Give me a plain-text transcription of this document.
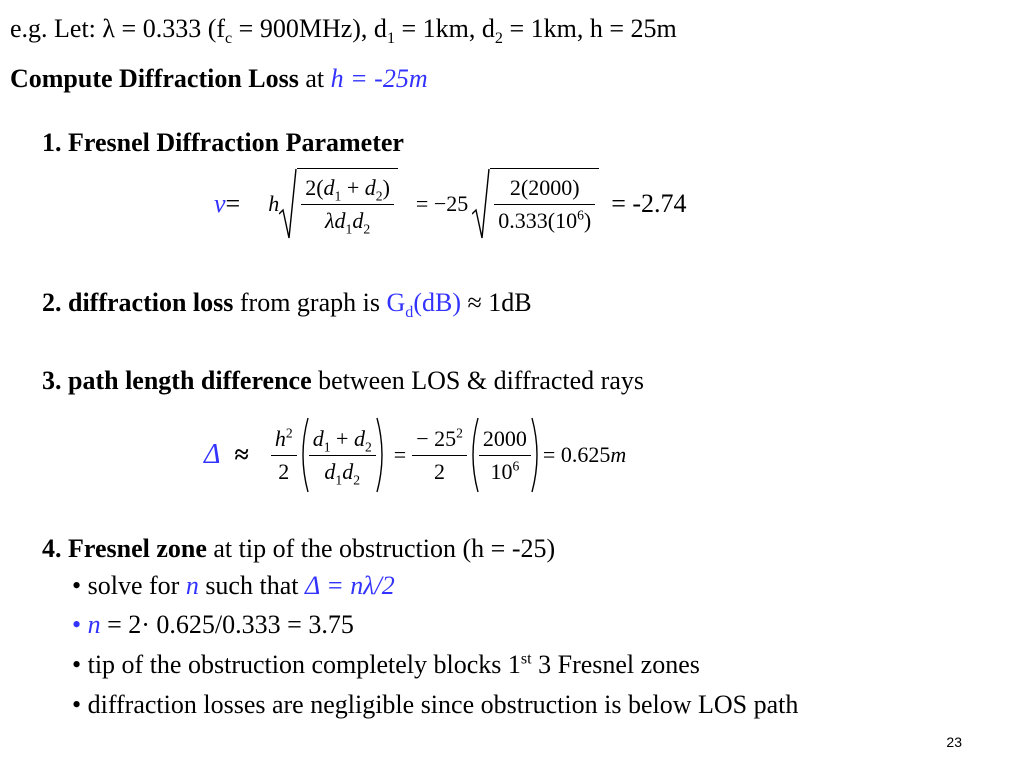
e.g. Let: λ = 0.333 $(f_c = 900MHz)$, $d_1 = 1km$, $d_2 = 1km$, h = 25m
Compute Diffraction Loss at h = -25m
1. Fresnel Diffraction Parameter
v = h $\frac{2(d_1 + d_2)}{\lambda d_1d_2} = -25 \frac{2(2000)}{0.333(10^6)} = -2.74$
2. diffraction loss from graph is $G_d(dB) \approx 1dB$
3. path length difference between LOS & diffracted rays
$\Delta \approx \frac{h^2}{2} \frac{d_1 + d_2}{d_1d_2} = \frac{- 25^2}{2} \frac{2000}{10^6} = 0.625$ m
4. Fresnel zone at tip of the obstruction (h = -25)
• solve for n such that Δ = nλ/2
• n = 2· 0.625/0.333 = 3.75
• tip of the obstruction completely blocks 1st 3 Fresnel zones
• diffraction losses are negligible since obstruction is below LOS path
23
